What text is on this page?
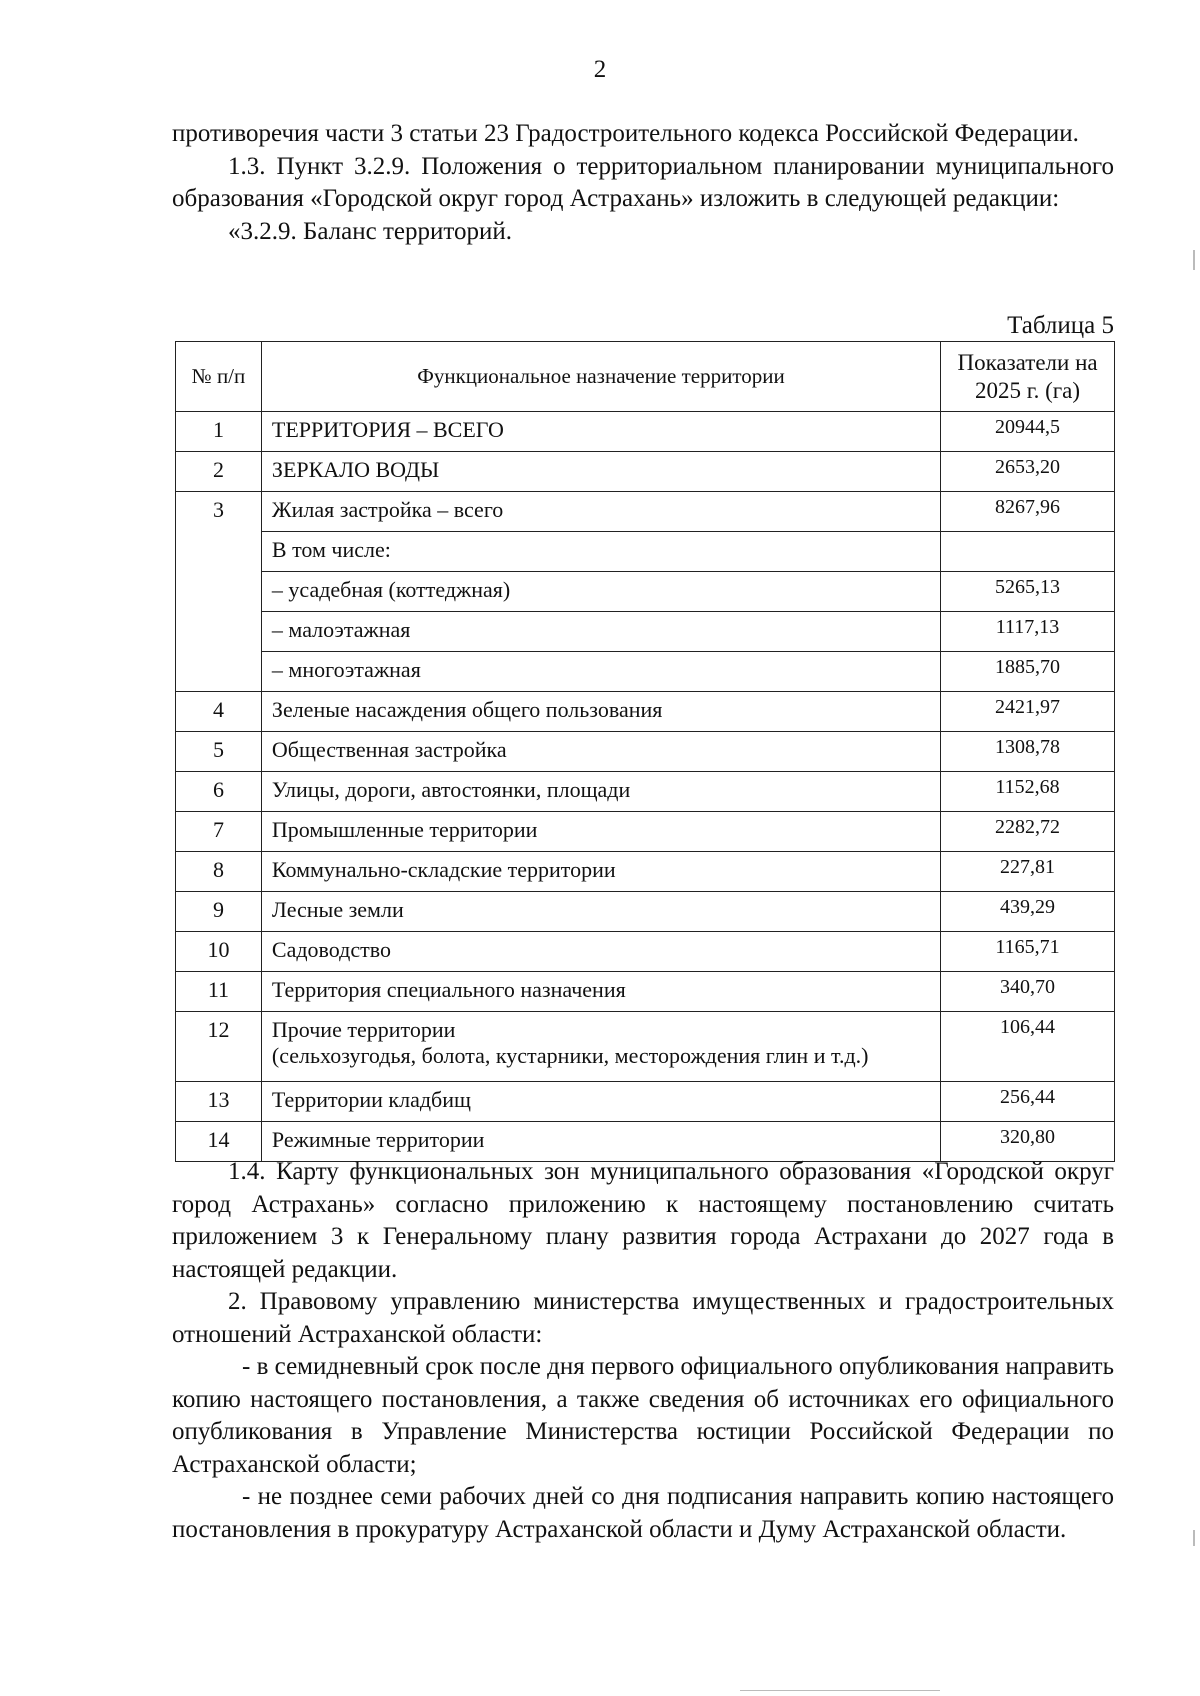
2

противоречия части 3 статьи 23 Градостроительного кодекса Российской Федерации.

1.3. Пункт 3.2.9. Положения о территориальном планировании муниципального образования «Городской округ город Астрахань» изложить в следующей редакции:

«3.2.9. Баланс территорий.

Таблица 5
№ п/п	Функциональное назначение территории	Показатели на 2025 г. (га)
1	ТЕРРИТОРИЯ – ВСЕГО	20944,5
2	ЗЕРКАЛО ВОДЫ	2653,20
3	Жилая застройка – всего	8267,96
	В том числе:	
	– усадебная (коттеджная)	5265,13
	– малоэтажная	1117,13
	– многоэтажная	1885,70
4	Зеленые насаждения общего пользования	2421,97
5	Общественная застройка	1308,78
6	Улицы, дороги, автостоянки, площади	1152,68
7	Промышленные территории	2282,72
8	Коммунально-складские территории	227,81
9	Лесные земли	439,29
10	Садоводство	1165,71
11	Территория специального назначения	340,70
12	Прочие территории
(сельхозугодья, болота, кустарники, месторождения глин и т.д.)	106,44
13	Территории кладбищ	256,44
14	Режимные территории	320,80

1.4. Карту функциональных зон муниципального образования «Городской округ город Астрахань» согласно приложению к настоящему постановлению считать приложением 3 к Генеральному плану развития города Астрахани до 2027 года в настоящей редакции.

2. Правовому управлению министерства имущественных и градостроительных отношений Астраханской области:

- в семидневный срок после дня первого официального опубликования направить копию настоящего постановления, а также сведения об источниках его официального опубликования в Управление Министерства юстиции Российской Федерации по Астраханской области;

- не позднее семи рабочих дней со дня подписания направить копию настоящего постановления в прокуратуру Астраханской области и Думу Астраханской области.
